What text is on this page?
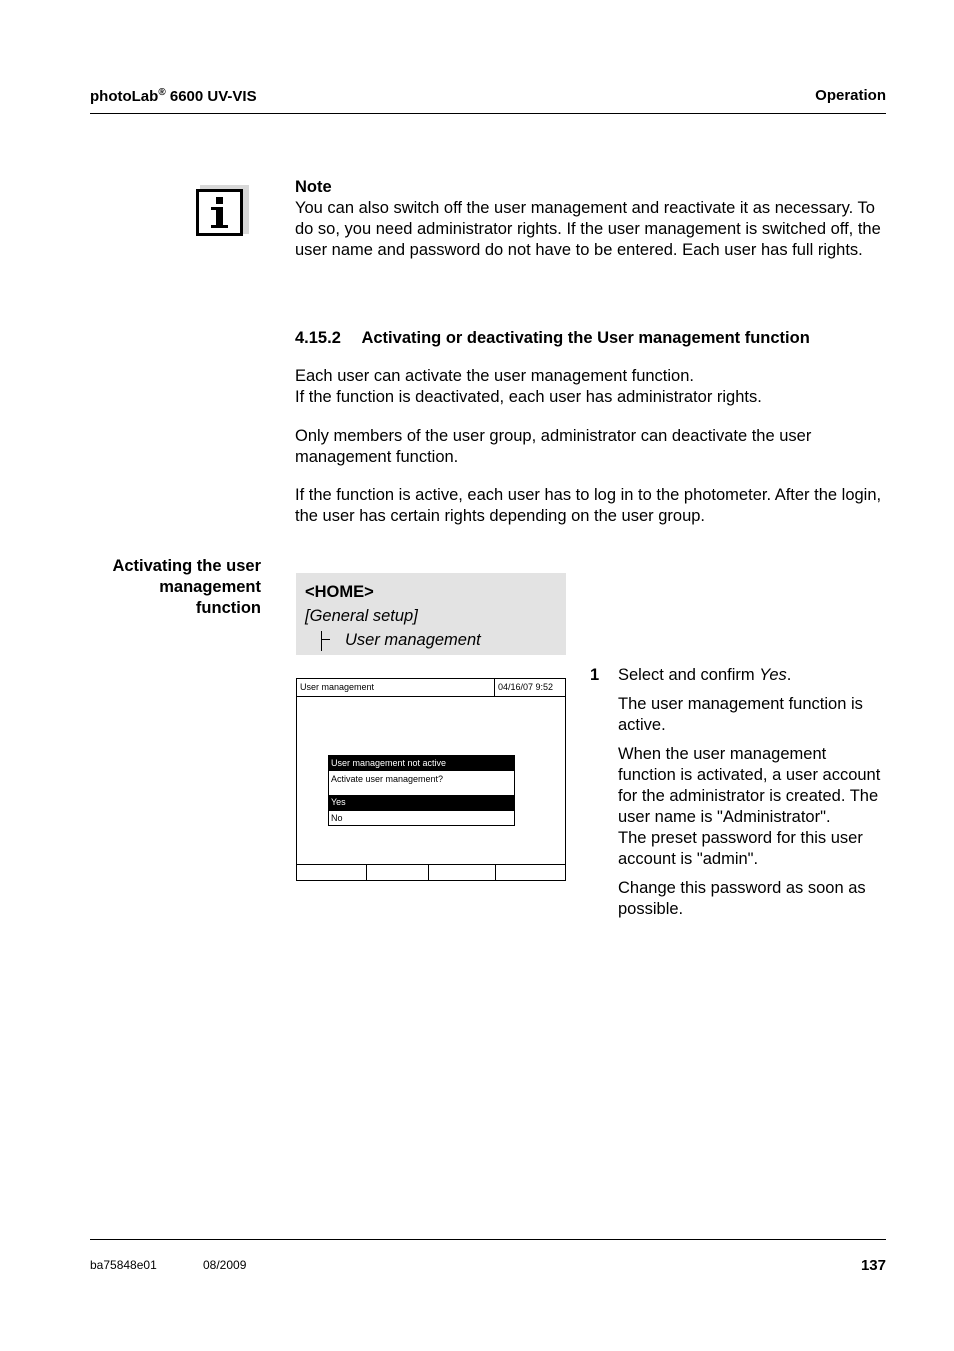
photoLab® 6600 UV-VIS	Operation

Note

You can also switch off the user management and reactivate it as necessary. To do so, you need administrator rights. If the user management is switched off, the user name and password do not have to be entered. Each user has full rights.

4.15.2 Activating or deactivating the User management function

Each user can activate the user management function.

If the function is deactivated, each user has administrator rights.

Only members of the user group, administrator can deactivate the user management function.

If the function is active, each user has to log in to the photometer. After the login, the user has certain rights depending on the user group.

Activating the user
management
function
<HOME>
[General setup]
User management
User management	04/16/07 9:52
User management not active
Activate user management?
Yes
No
1 Select and confirm Yes.

The user management function is active.

When the user management function is activated, a user account for the administrator is created. The user name is "Administrator".

The preset password for this user account is "admin".

Change this password as soon as possible.

ba75848e01	08/2009	137
